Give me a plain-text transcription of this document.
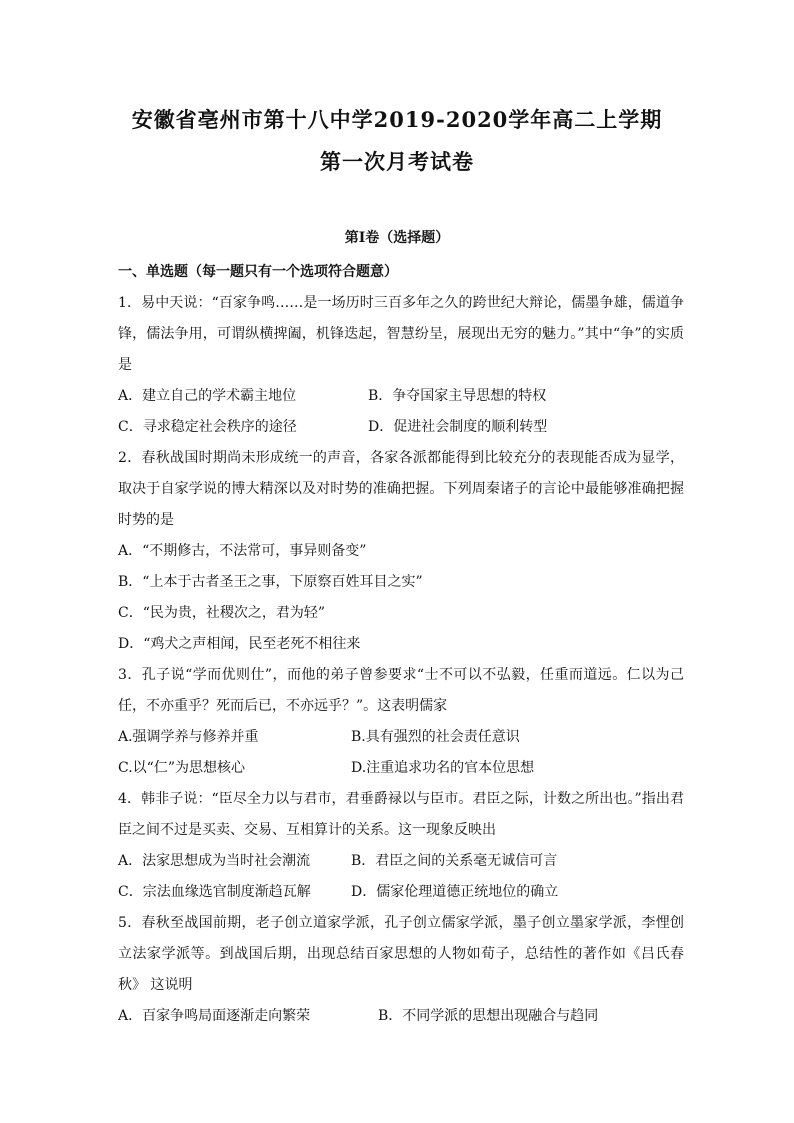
安徽省亳州市第十八中学2019-2020学年高二上学期
第一次月考试卷
第I卷（选择题）
一、单选题（每一题只有一个选项符合题意）
1．易中天说：“百家争鸣……是一场历时三百多年之久的跨世纪大辩论，儒墨争雄，儒道争锋，儒法争用，可谓纵横捭阖，机锋迭起，智慧纷呈，展现出无穷的魅力。”其中“争”的实质是
A．建立自己的学术霸主地位	B．争夺国家主导思想的特权
C．寻求稳定社会秩序的途径	D．促进社会制度的顺利转型
2．春秋战国时期尚未形成统一的声音，各家各派都能得到比较充分的表现能否成为显学，取决于自家学说的博大精深以及对时势的准确把握。下列周秦诸子的言论中最能够准确把握时势的是
A．“不期修古，不法常可，事异则备变”
B．“上本于古者圣王之事，下原察百姓耳目之实”
C．“民为贵，社稷次之，君为轻”
D．“鸡犬之声相闻，民至老死不相往来
3．孔子说“学而优则仕”，而他的弟子曾参要求“士不可以不弘毅，任重而道远。仁以为己任，不亦重乎？死而后已，不亦远乎？”。这表明儒家
A.强调学养与修养并重	B.具有强烈的社会责任意识
C.以“仁”为思想核心	D.注重追求功名的官本位思想
4．韩非子说：“臣尽全力以与君市，君垂爵禄以与臣市。君臣之际，计数之所出也。”指出君臣之间不过是买卖、交易、互相算计的关系。这一现象反映出
A．法家思想成为当时社会潮流	B．君臣之间的关系毫无诚信可言
C．宗法血缘选官制度渐趋瓦解	D．儒家伦理道德正统地位的确立
5．春秋至战国前期，老子创立道家学派，孔子创立儒家学派，墨子创立墨家学派，李悝创立法家学派等。到战国后期，出现总结百家思想的人物如荀子，总结性的著作如《吕氏春秋》 这说明
A．百家争鸣局面逐渐走向繁荣	B．不同学派的思想出现融合与趋同
